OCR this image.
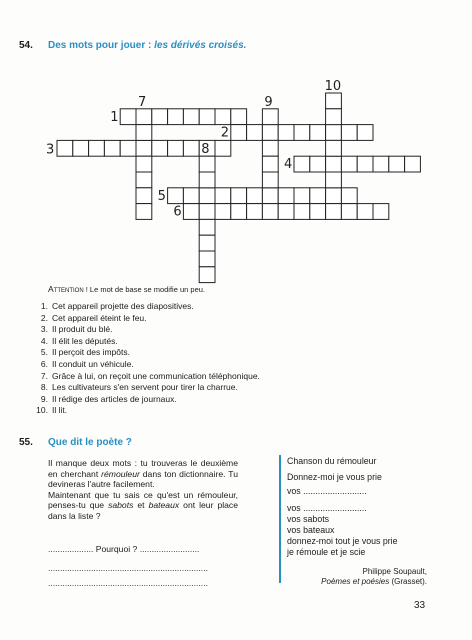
54. Des mots pour jouer : les dérivés croisés.
1
2
3
4
5
6
7
8
9
10
Attention ! Le mot de base se modifie un peu.
1. Cet appareil projette des diapositives.
2. Cet appareil éteint le feu.
3. Il produit du blé.
4. Il élit les députés.
5. Il perçoit des impôts.
6. Il conduit un véhicule.
7. Grâce à lui, on reçoit une communication téléphonique.
8. Les cultivateurs s'en servent pour tirer la charrue.
9. Il rédige des articles de journaux.
10. Il lit.
55. Que dit le poète ?

Il manque deux mots : tu trouveras le deuxième en cherchant rémouleur dans ton dictionnaire. Tu devineras l'autre facilement.

Maintenant que tu sais ce qu'est un rémouleur, penses-tu que sabots et bateaux ont leur place dans la liste ?

................... Pourquoi ? .........................
...................................................................
...................................................................
Chanson du rémouleur
Donnez-moi je vous prie
vos ..........................
vos ..........................
vos sabots
vos bateaux
donnez-moi tout je vous prie
je rémoule et je scie
Philippe Soupault,
Poèmes et poésies (Grasset).
33
